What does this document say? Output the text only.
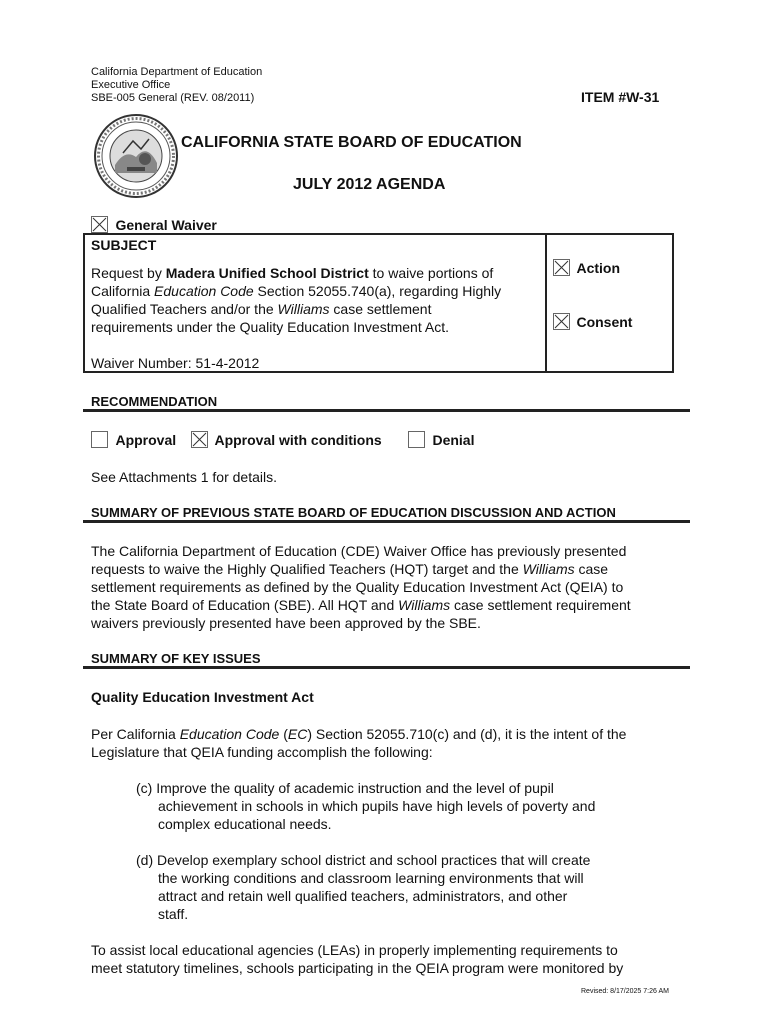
California Department of Education
Executive Office
SBE-005 General (REV. 08/2011)	ITEM #W-31
CALIFORNIA STATE BOARD OF EDUCATION
JULY 2012 AGENDA
General Waiver
SUBJECT
Request by Madera Unified School District to waive portions of
California Education Code Section 52055.740(a), regarding Highly
Qualified Teachers and/or the Williams case settlement
requirements under the Quality Education Investment Act.
Waiver Number: 51-4-2012
Action
Consent
RECOMMENDATION
Approval	Approval with conditions	Denial
See Attachments 1 for details.
SUMMARY OF PREVIOUS STATE BOARD OF EDUCATION DISCUSSION AND ACTION
The California Department of Education (CDE) Waiver Office has previously presented
requests to waive the Highly Qualified Teachers (HQT) target and the Williams case
settlement requirements as defined by the Quality Education Investment Act (QEIA) to
the State Board of Education (SBE). All HQT and Williams case settlement requirement
waivers previously presented have been approved by the SBE.
SUMMARY OF KEY ISSUES
Quality Education Investment Act
Per California Education Code (EC) Section 52055.710(c) and (d), it is the intent of the
Legislature that QEIA funding accomplish the following:
(c) Improve the quality of academic instruction and the level of pupil
achievement in schools in which pupils have high levels of poverty and
complex educational needs.
(d) Develop exemplary school district and school practices that will create
the working conditions and classroom learning environments that will
attract and retain well qualified teachers, administrators, and other
staff.
To assist local educational agencies (LEAs) in properly implementing requirements to
meet statutory timelines, schools participating in the QEIA program were monitored by
Revised: 8/17/2025 7:26 AM
